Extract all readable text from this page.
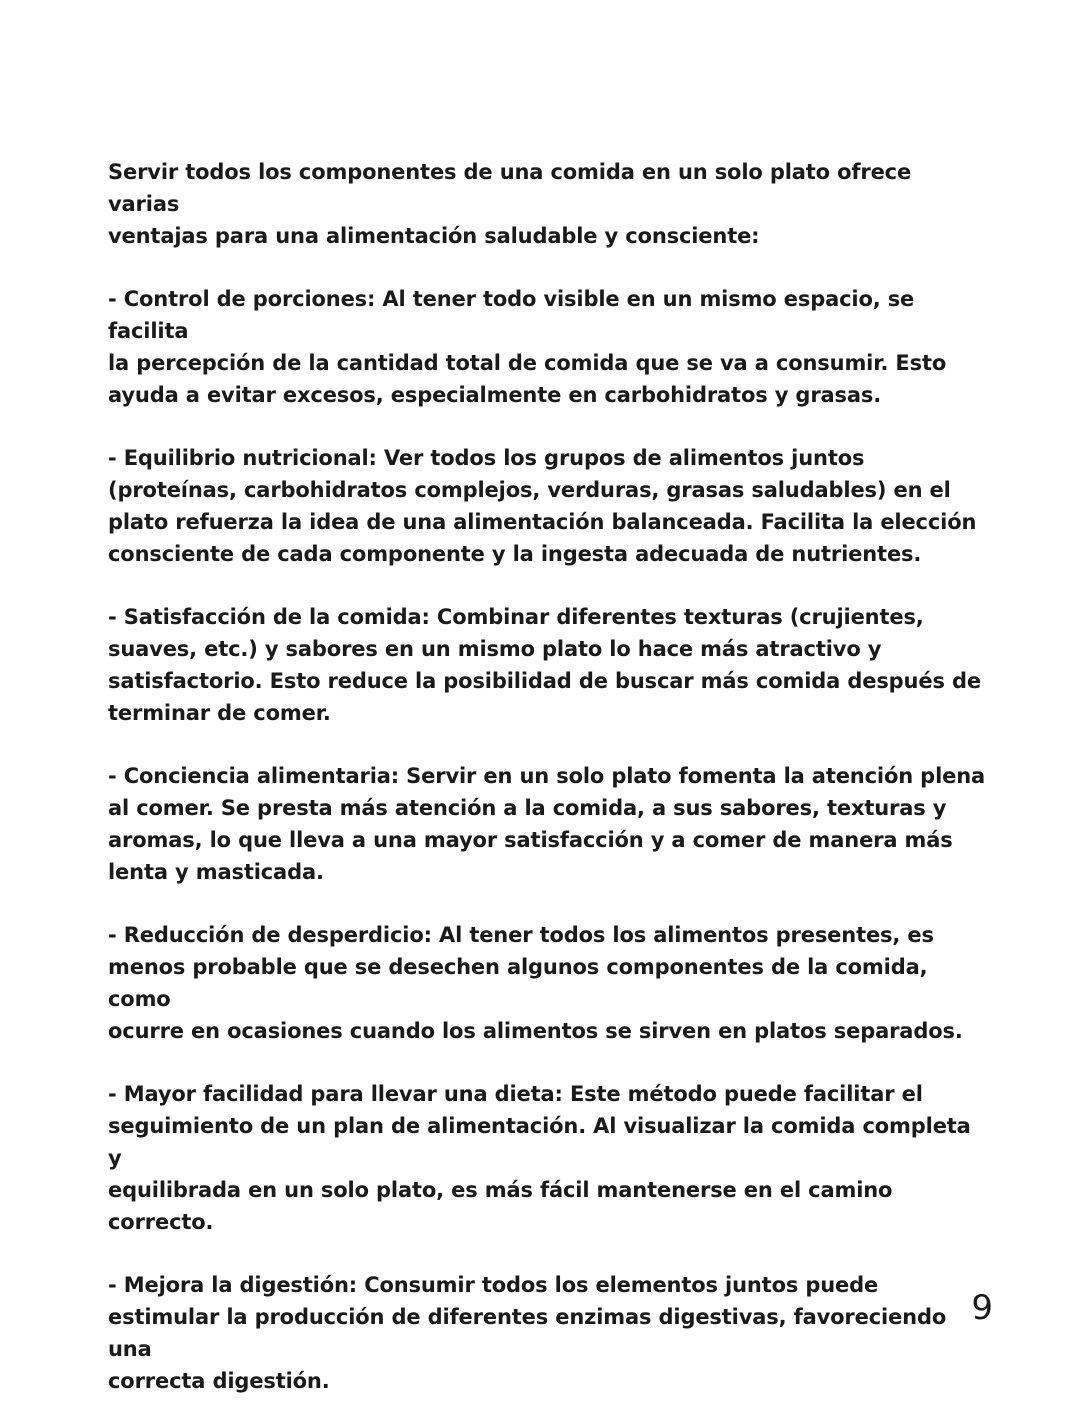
Servir todos los componentes de una comida en un solo plato ofrece varias
ventajas para una alimentación saludable y consciente:

- Control de porciones: Al tener todo visible en un mismo espacio, se facilita
la percepción de la cantidad total de comida que se va a consumir. Esto
ayuda a evitar excesos, especialmente en carbohidratos y grasas.

- Equilibrio nutricional: Ver todos los grupos de alimentos juntos
(proteínas, carbohidratos complejos, verduras, grasas saludables) en el
plato refuerza la idea de una alimentación balanceada. Facilita la elección
consciente de cada componente y la ingesta adecuada de nutrientes.

- Satisfacción de la comida: Combinar diferentes texturas (crujientes,
suaves, etc.) y sabores en un mismo plato lo hace más atractivo y
satisfactorio. Esto reduce la posibilidad de buscar más comida después de
terminar de comer.

- Conciencia alimentaria: Servir en un solo plato fomenta la atención plena
al comer. Se presta más atención a la comida, a sus sabores, texturas y
aromas, lo que lleva a una mayor satisfacción y a comer de manera más
lenta y masticada.

- Reducción de desperdicio: Al tener todos los alimentos presentes, es
menos probable que se desechen algunos componentes de la comida, como
ocurre en ocasiones cuando los alimentos se sirven en platos separados.

- Mayor facilidad para llevar una dieta: Este método puede facilitar el
seguimiento de un plan de alimentación. Al visualizar la comida completa y
equilibrada en un solo plato, es más fácil mantenerse en el camino
correcto.

- Mejora la digestión: Consumir todos los elementos juntos puede
estimular la producción de diferentes enzimas digestivas, favoreciendo una
correcta digestión.

9
